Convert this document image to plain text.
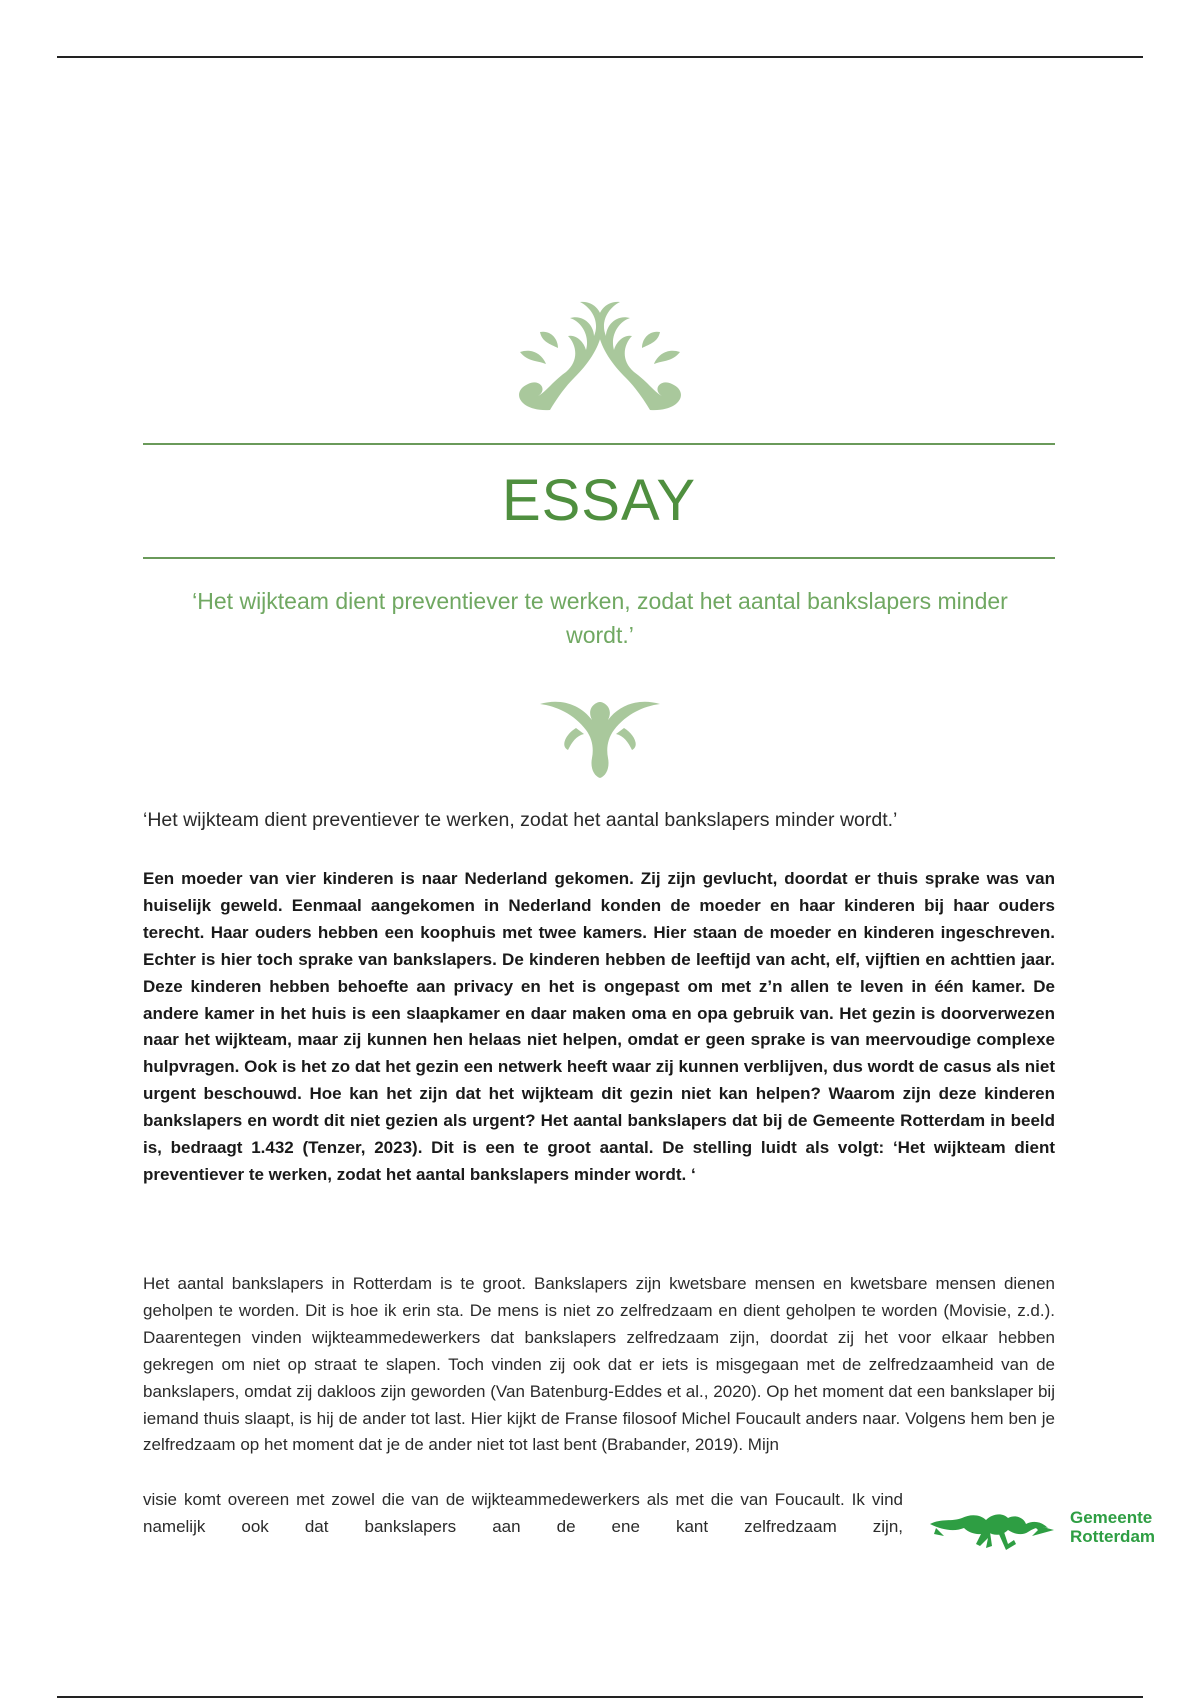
ESSAY
‘Het wijkteam dient preventiever te werken, zodat het aantal bankslapers minder wordt.’
‘Het wijkteam dient preventiever te werken, zodat het aantal bankslapers minder wordt.’
Een moeder van vier kinderen is naar Nederland gekomen. Zij zijn gevlucht, doordat er thuis sprake was van huiselijk geweld. Eenmaal aangekomen in Nederland konden de moeder en haar kinderen bij haar ouders terecht. Haar ouders hebben een koophuis met twee kamers. Hier staan de moeder en kinderen ingeschreven. Echter is hier toch sprake van bankslapers. De kinderen hebben de leeftijd van acht, elf, vijftien en achttien jaar. Deze kinderen hebben behoefte aan privacy en het is ongepast om met z’n allen te leven in één kamer. De andere kamer in het huis is een slaapkamer en daar maken oma en opa gebruik van. Het gezin is doorverwezen naar het wijkteam, maar zij kunnen hen helaas niet helpen, omdat er geen sprake is van meervoudige complexe hulpvragen. Ook is het zo dat het gezin een netwerk heeft waar zij kunnen verblijven, dus wordt de casus als niet urgent beschouwd. Hoe kan het zijn dat het wijkteam dit gezin niet kan helpen? Waarom zijn deze kinderen bankslapers en wordt dit niet gezien als urgent? Het aantal bankslapers dat bij de Gemeente Rotterdam in beeld is, bedraagt 1.432 (Tenzer, 2023). Dit is een te groot aantal. De stelling luidt als volgt: ‘Het wijkteam dient preventiever te werken, zodat het aantal bankslapers minder wordt. ‘
Het aantal bankslapers in Rotterdam is te groot. Bankslapers zijn kwetsbare mensen en kwetsbare mensen dienen geholpen te worden. Dit is hoe ik erin sta. De mens is niet zo zelfredzaam en dient geholpen te worden (Movisie, z.d.). Daarentegen vinden wijkteammedewerkers dat bankslapers zelfredzaam zijn, doordat zij het voor elkaar hebben gekregen om niet op straat te slapen. Toch vinden zij ook dat er iets is misgegaan met de zelfredzaamheid van de bankslapers, omdat zij dakloos zijn geworden (Van Batenburg-Eddes et al., 2020). Op het moment dat een bankslaper bij iemand thuis slaapt, is hij de ander tot last. Hier kijkt de Franse filosoof Michel Foucault anders naar. Volgens hem ben je zelfredzaam op het moment dat je de ander niet tot last bent (Brabander, 2019). Mijn
visie komt overeen met zowel die van de wijkteammedewerkers als met die van Foucault. Ik vind namelijk ook dat bankslapers aan de ene kant zelfredzaam zijn,	Gemeente
Rotterdam
